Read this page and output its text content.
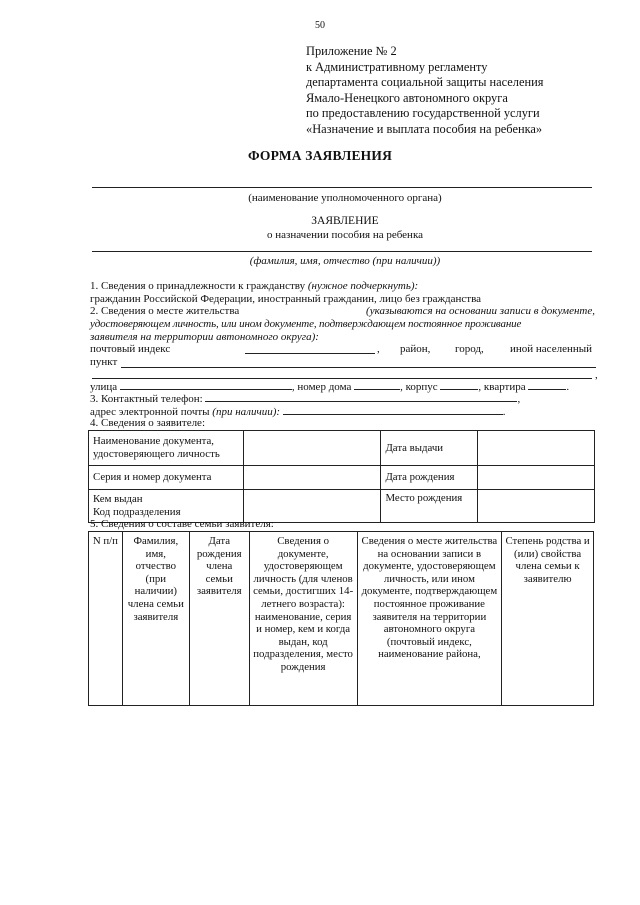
50
Приложение № 2
к Административному регламенту
департамента социальной защиты населения
Ямало-Ненецкого автономного округа
по предоставлению государственной услуги
«Назначение и выплата пособия на ребенка»
ФОРМА ЗАЯВЛЕНИЯ
(наименование уполномоченного органа)
ЗАЯВЛЕНИЕ
о назначении пособия на ребенка
(фамилия, имя, отчество (при наличии))
1. Сведения о принадлежности к гражданству (нужное подчеркнуть):
гражданин Российской Федерации, иностранный гражданин, лицо без гражданства
2. Сведения о месте жительства	(указываются на основании записи в документе,
удостоверяющем личность, или ином документе, подтверждающем постоянное проживание
заявителя на территории автономного округа):
почтовый индекс	, район, город, иной населенный
пункт
,
улица	, номер дома	, корпус	, квартира	.
3. Контактный телефон:	,
адрес электронной почты (при наличии):	.
4. Сведения о заявителе:
Наименование документа,
удостоверяющего личность		Дата выдачи	
Серия и номер документа		Дата рождения	
Кем выдан
Код подразделения		Место рождения	
5. Сведения о составе семьи заявителя:
N п/п	Фамилия, имя, отчество (при наличии) члена семьи заявителя	Дата рождения члена семьи заявителя	Сведения о документе, удостоверяющем личность (для членов семьи, достигших 14-летнего возраста): наименование, серия и номер, кем и когда выдан, код подразделения, место рождения	Сведения о месте жительства на основании записи в документе, удостоверяющем личность, или ином документе, подтверждающем постоянное проживание заявителя на территории автономного округа (почтовый индекс, наименование района,	Степень родства и (или) свойства члена семьи к заявителю
